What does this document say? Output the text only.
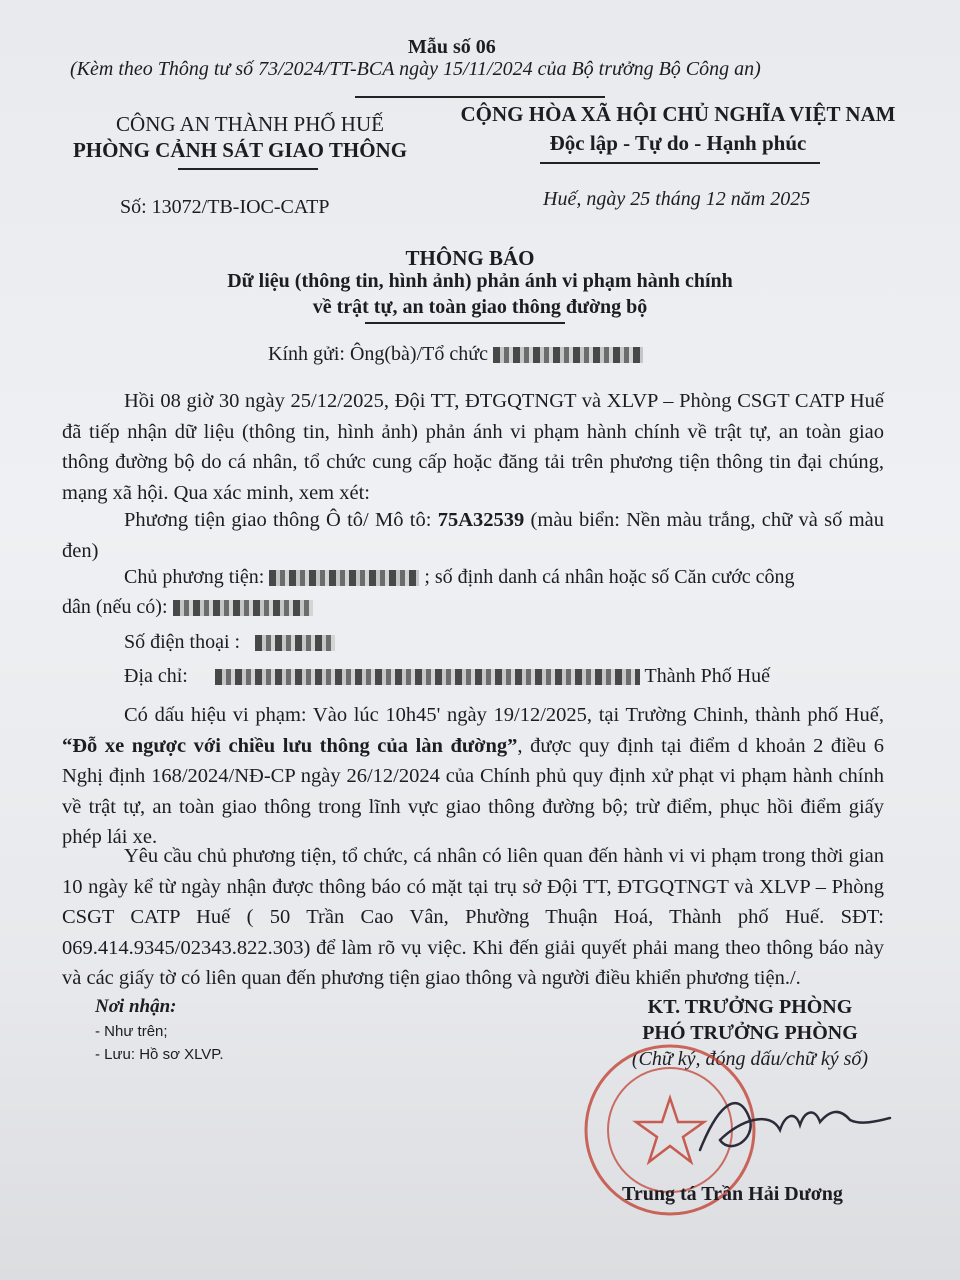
Mẫu số 06
(Kèm theo Thông tư số 73/2024/TT-BCA ngày 15/11/2024 của Bộ trưởng Bộ Công an)
CÔNG AN THÀNH PHỐ HUẾ
PHÒNG CẢNH SÁT GIAO THÔNG
CỘNG HÒA XÃ HỘI CHỦ NGHĨA VIỆT NAM
Độc lập - Tự do - Hạnh phúc
Số: 13072/TB-IOC-CATP	Huế, ngày 25 tháng 12 năm 2025
THÔNG BÁO
Dữ liệu (thông tin, hình ảnh) phản ánh vi phạm hành chính
về trật tự, an toàn giao thông đường bộ
Kính gửi: Ông(bà)/Tổ chức
Hồi 08 giờ 30 ngày 25/12/2025, Đội TT, ĐTGQTNGT và XLVP – Phòng CSGT CATP Huế đã tiếp nhận dữ liệu (thông tin, hình ảnh) phản ánh vi phạm hành chính về trật tự, an toàn giao thông đường bộ do cá nhân, tổ chức cung cấp hoặc đăng tải trên phương tiện thông tin đại chúng, mạng xã hội. Qua xác minh, xem xét:
Phương tiện giao thông Ô tô/ Mô tô: 75A32539 (màu biển: Nền màu trắng, chữ và số màu đen)
Chủ phương tiện:	; số định danh cá nhân hoặc số Căn cước công
dân (nếu có):
Số điện thoại :
Địa chỉ:	Thành Phố Huế
Có dấu hiệu vi phạm: Vào lúc 10h45' ngày 19/12/2025, tại Trường Chinh, thành phố Huế, “Đỗ xe ngược với chiều lưu thông của làn đường”, được quy định tại điểm d khoản 2 điều 6 Nghị định 168/2024/NĐ-CP ngày 26/12/2024 của Chính phủ quy định xử phạt vi phạm hành chính về trật tự, an toàn giao thông trong lĩnh vực giao thông đường bộ; trừ điểm, phục hồi điểm giấy phép lái xe.
Yêu cầu chủ phương tiện, tổ chức, cá nhân có liên quan đến hành vi vi phạm trong thời gian 10 ngày kể từ ngày nhận được thông báo có mặt tại trụ sở Đội TT, ĐTGQTNGT và XLVP – Phòng CSGT CATP Huế ( 50 Trần Cao Vân, Phường Thuận Hoá, Thành phố Huế. SĐT: 069.414.9345/02343.822.303) để làm rõ vụ việc. Khi đến giải quyết phải mang theo thông báo này và các giấy tờ có liên quan đến phương tiện giao thông và người điều khiển phương tiện./.
Nơi nhận:
- Như trên;
- Lưu: Hồ sơ XLVP.
KT. TRƯỞNG PHÒNG
PHÓ TRƯỞNG PHÒNG
(Chữ ký, đóng dấu/chữ ký số)
Trung tá Trần Hải Dương
